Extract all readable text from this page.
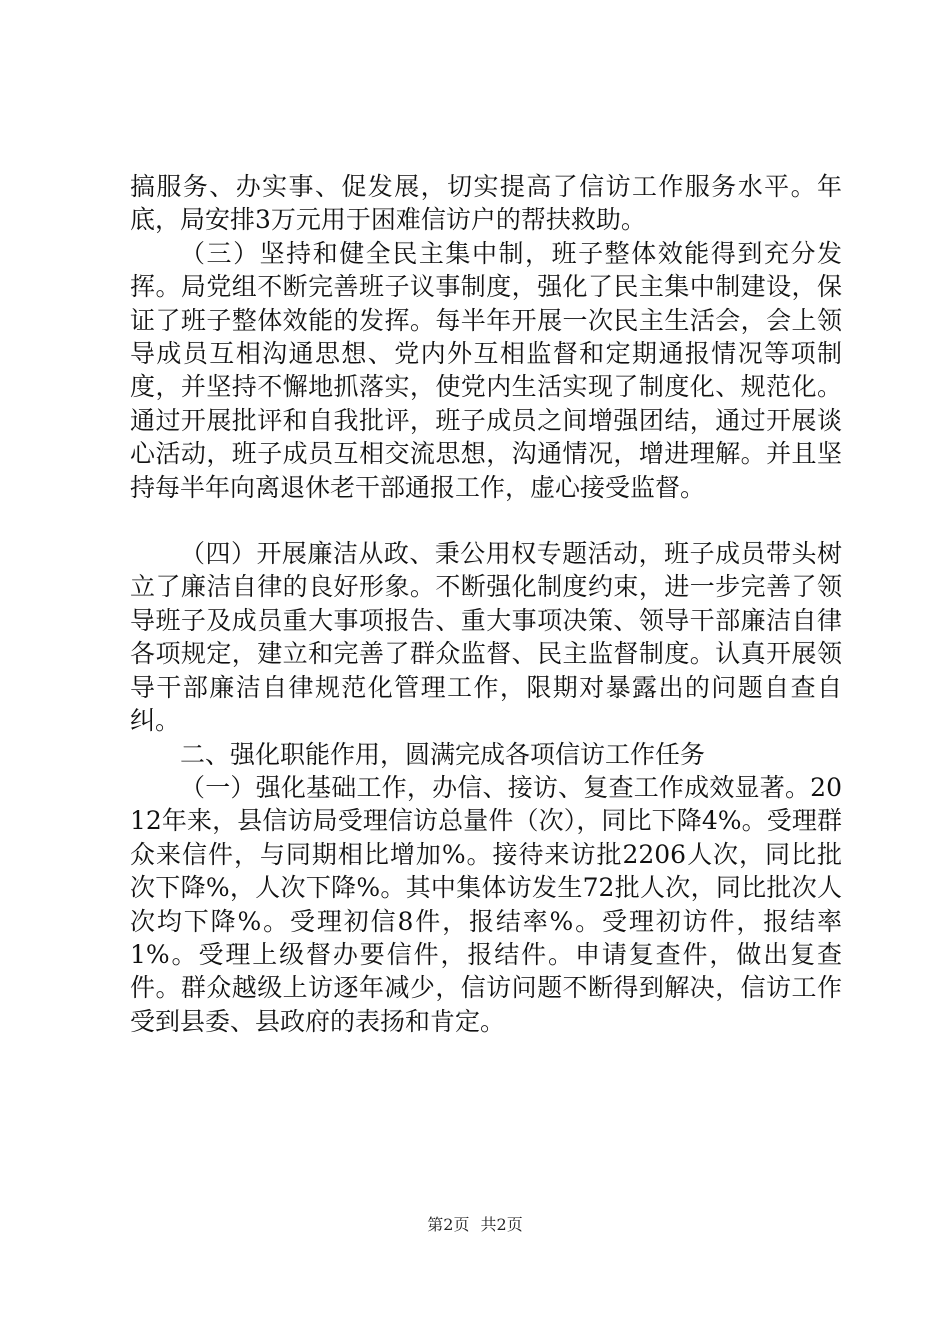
搞服务、办实事、促发展，切实提高了信访工作服务水平。年底，局安排3万元用于困难信访户的帮扶救助。

（三）坚持和健全民主集中制，班子整体效能得到充分发挥。局党组不断完善班子议事制度，强化了民主集中制建设，保证了班子整体效能的发挥。每半年开展一次民主生活会，会上领导成员互相沟通思想、党内外互相监督和定期通报情况等项制度，并坚持不懈地抓落实，使党内生活实现了制度化、规范化。通过开展批评和自我批评，班子成员之间增强团结，通过开展谈心活动，班子成员互相交流思想，沟通情况，增进理解。并且坚持每半年向离退休老干部通报工作，虚心接受监督。

（四）开展廉洁从政、秉公用权专题活动，班子成员带头树立了廉洁自律的良好形象。不断强化制度约束，进一步完善了领导班子及成员重大事项报告、重大事项决策、领导干部廉洁自律各项规定，建立和完善了群众监督、民主监督制度。认真开展领导干部廉洁自律规范化管理工作，限期对暴露出的问题自查自纠。

二、强化职能作用，圆满完成各项信访工作任务

（一）强化基础工作，办信、接访、复查工作成效显著。2012年来，县信访局受理信访总量件（次），同比下降4%。受理群众来信件，与同期相比增加%。接待来访批2206人次，同比批次下降%，人次下降%。其中集体访发生72批人次，同比批次人次均下降%。受理初信8件，报结率%。受理初访件，报结率1%。受理上级督办要信件，报结件。申请复查件，做出复查件。群众越级上访逐年减少，信访问题不断得到解决，信访工作受到县委、县政府的表扬和肯定。

第2页 共2页
